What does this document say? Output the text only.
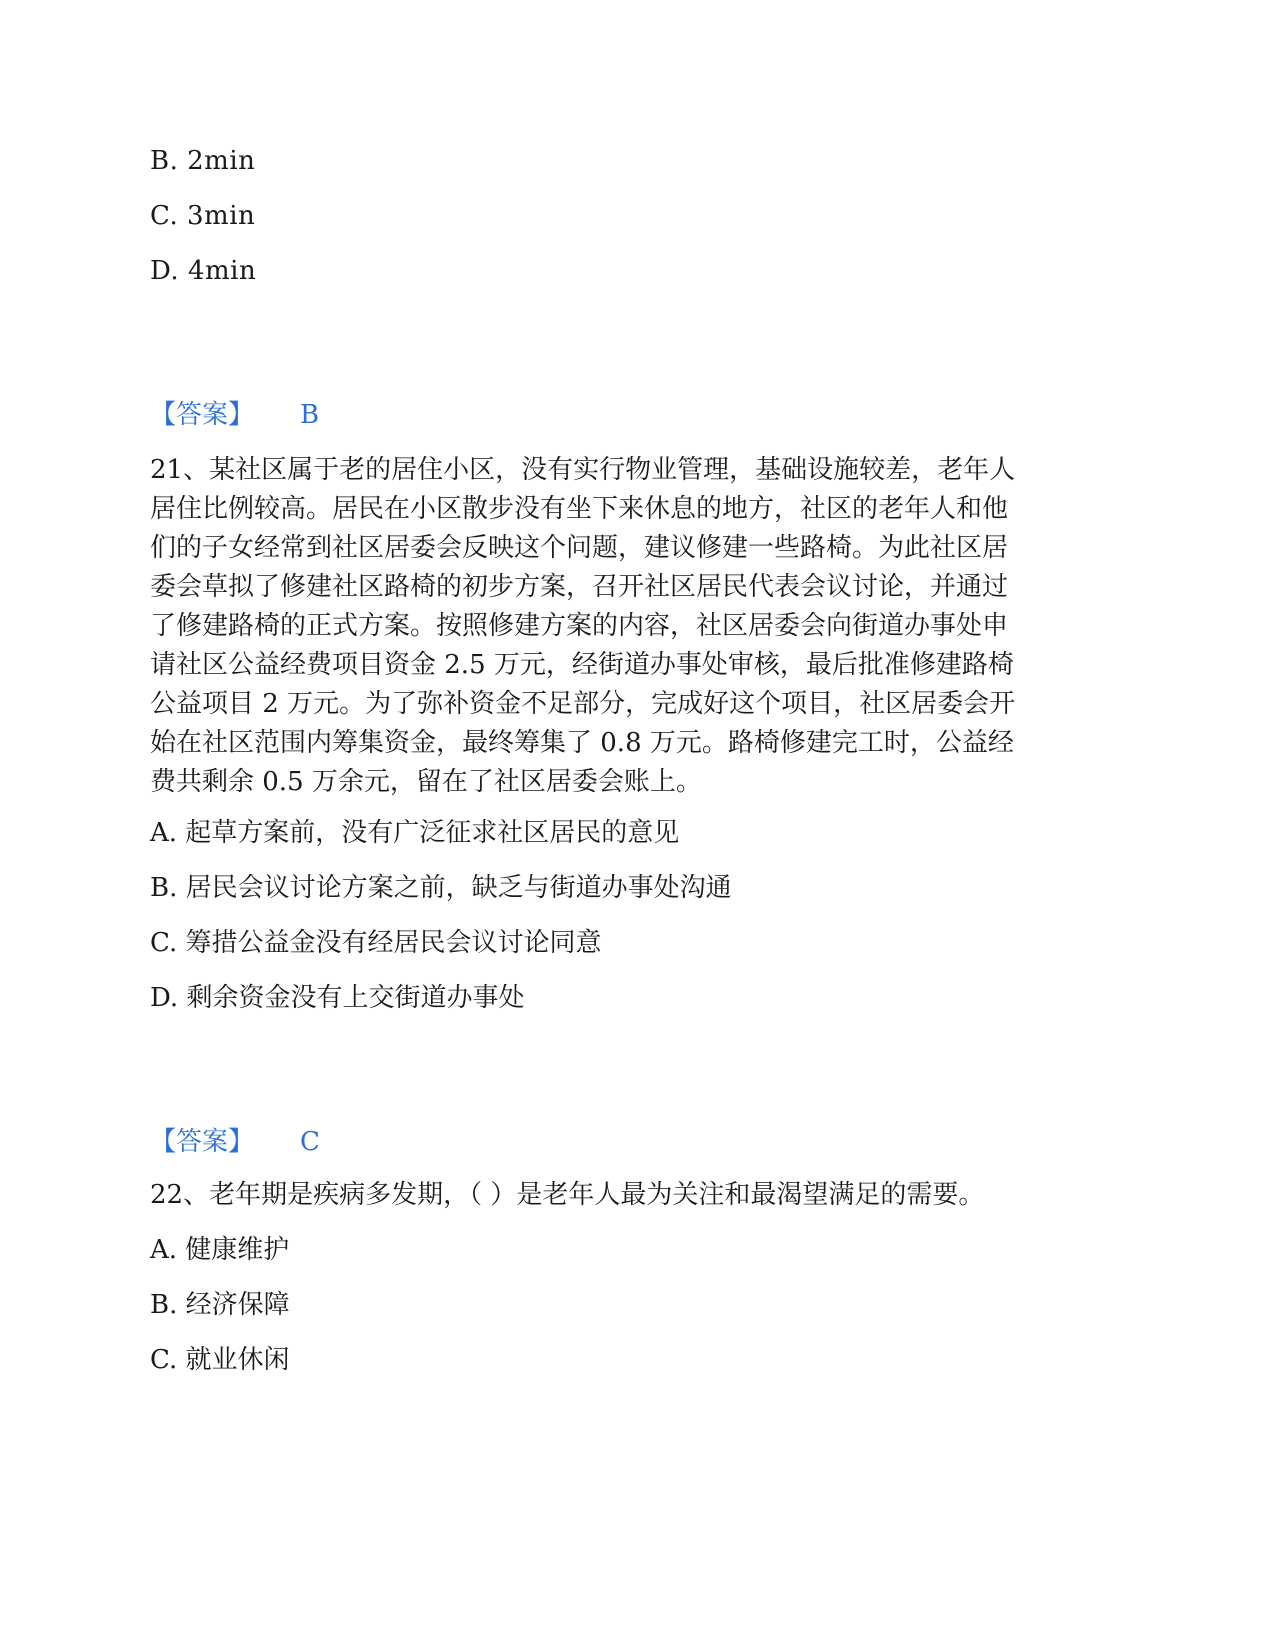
B. 2min

C. 3min

D. 4min

【答案】 B

21、某社区属于老的居住小区，没有实行物业管理，基础设施较差，老年人
居住比例较高。居民在小区散步没有坐下来休息的地方，社区的老年人和他
们的子女经常到社区居委会反映这个问题，建议修建一些路椅。为此社区居
委会草拟了修建社区路椅的初步方案，召开社区居民代表会议讨论，并通过
了修建路椅的正式方案。按照修建方案的内容，社区居委会向街道办事处申
请社区公益经费项目资金 2.5 万元，经街道办事处审核，最后批准修建路椅
公益项目 2 万元。为了弥补资金不足部分，完成好这个项目，社区居委会开
始在社区范围内筹集资金，最终筹集了 0.8 万元。路椅修建完工时，公益经
费共剩余 0.5 万余元，留在了社区居委会账上。

A. 起草方案前，没有广泛征求社区居民的意见

B. 居民会议讨论方案之前，缺乏与街道办事处沟通

C. 筹措公益金没有经居民会议讨论同意

D. 剩余资金没有上交街道办事处

【答案】 C

22、老年期是疾病多发期，（ ）是老年人最为关注和最渴望满足的需要。

A. 健康维护

B. 经济保障

C. 就业休闲
